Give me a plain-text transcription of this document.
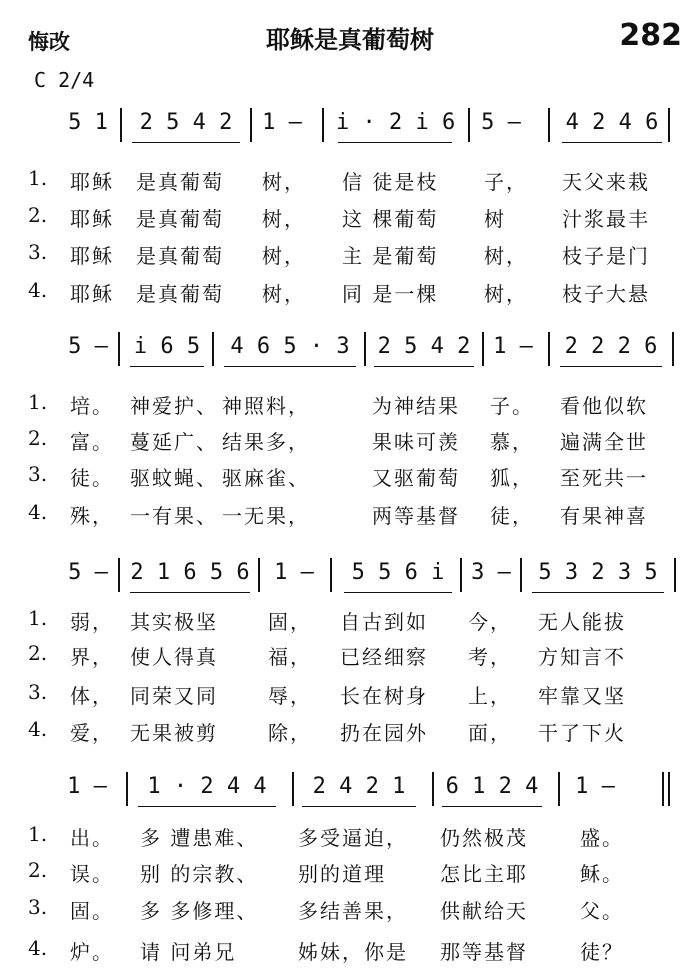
悔改	耶稣是真葡萄树	282
C 2/4
5 1 2 5 4 2 1 — i · 2 i 6 5 — 4 2 4 6
1. 耶稣 是真葡萄 树， 信 徒是枝 子， 天父来栽
2. 耶稣 是真葡萄 树， 这 棵葡萄 树	汁浆最丰
3. 耶稣 是真葡萄 树， 主 是葡萄 树， 枝子是门
4. 耶稣 是真葡萄 树， 同 是一棵 树， 枝子大悬
5 — i 6 5 4 6 5 · 3 2 5 4 2 1 — 2 2 2 6
1. 培。 神爱护、 神照料，	为神结果 子。 看他似软
2. 富。 蔓延广、 结果多，	果味可羡 慕， 遍满全世
3. 徒。 驱蚊蝇、 驱麻雀、	又驱葡萄 狐， 至死共一
4. 殊， 一有果、 一无果，	两等基督 徒， 有果神喜
5 — 2 1 6 5 6 1 — 5 5 6 i 3 — 5 3 2 3 5
1. 弱， 其实极坚	固， 自古到如 今， 无人能拔
2. 界， 使人得真	福， 已经细察 考， 方知言不
3. 体， 同荣又同	辱， 长在树身 上， 牢靠又坚
4. 爱， 无果被剪	除， 扔在园外 面， 干了下火
1 — 1 · 2 4 4 2 4 2 1 6 1 2 4 1 —
1. 出。 多 遭患难、 多受逼迫， 仍然极茂	盛。
2. 误。 别 的宗教、 别的道理	怎比主耶	稣。
3. 固。 多 多修理、 多结善果， 供献给天	父。
4. 炉。 请 问弟兄	姊妹，你是 那等基督	徒？
